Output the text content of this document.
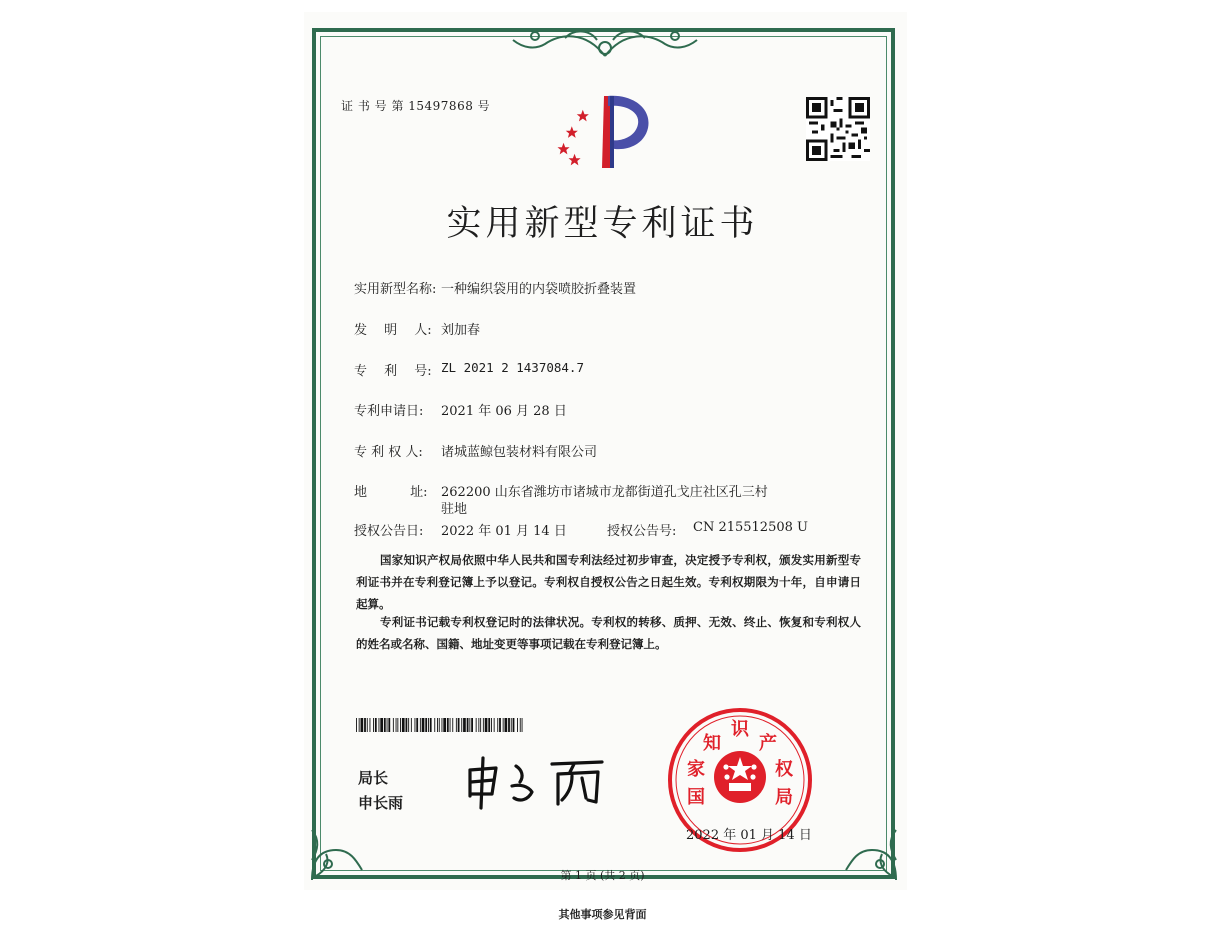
证 书 号 第 15497868 号
实用新型专利证书
实用新型名称: 一种编织袋用的内袋喷胶折叠装置
发　 明 　人: 刘加春
专　 利 　号: ZL 2021 2 1437084.7
专利申请日: 2021 年 06 月 28 日
专 利 权 人: 诸城蓝鲸包装材料有限公司
地　　　 址: 262200 山东省潍坊市诸城市龙都街道孔戈庄社区孔三村
驻地
授权公告日: 2022 年 01 月 14 日	授权公告号: CN 215512508 U
国家知识产权局依照中华人民共和国专利法经过初步审查，决定授予专利权，颁发实用新型专利证书并在专利登记簿上予以登记。专利权自授权公告之日起生效。专利权期限为十年，自申请日起算。
专利证书记载专利权登记时的法律状况。专利权的转移、质押、无效、终止、恢复和专利权人的姓名或名称、国籍、地址变更等事项记载在专利登记簿上。
局长
申长雨	国
家
知
识
产
权
局
2022 年 01 月 14 日
第 1 页 (共 2 页)
其他事项参见背面
